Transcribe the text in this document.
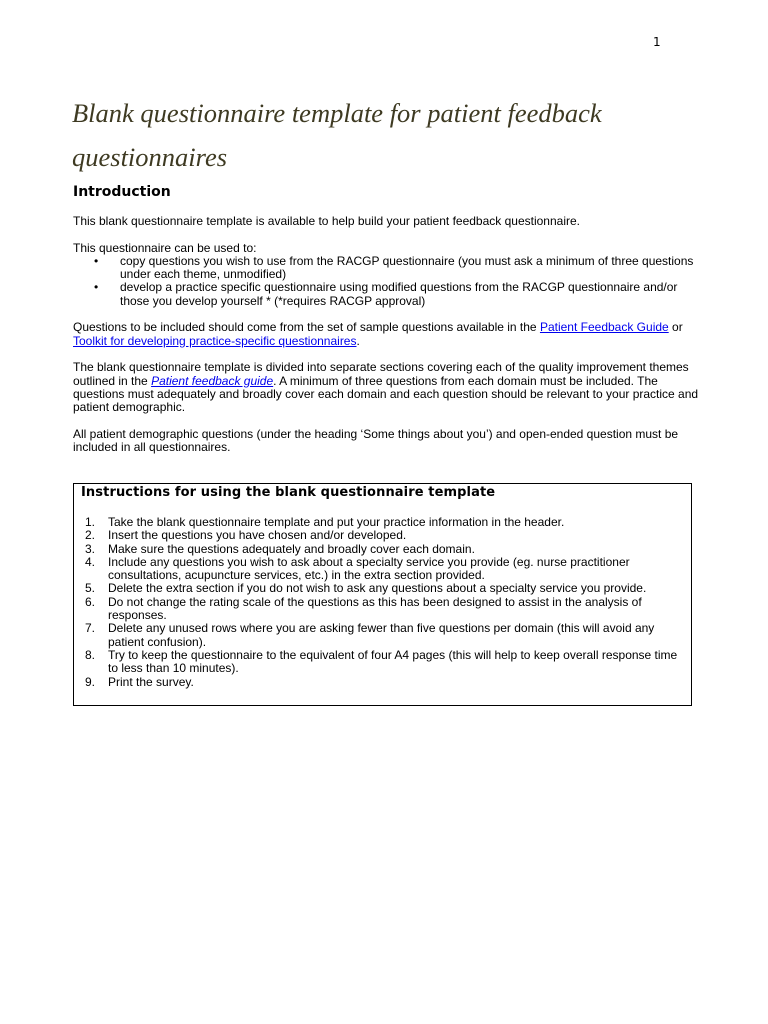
1
Blank questionnaire template for patient feedback questionnaires
Introduction

This blank questionnaire template is available to help build your patient feedback questionnaire.

This questionnaire can be used to:

• copy questions you wish to use from the RACGP questionnaire (you must ask a minimum of three questions under each theme, unmodified)
• develop a practice specific questionnaire using modified questions from the RACGP questionnaire and/or those you develop yourself * (*requires RACGP approval)

Questions to be included should come from the set of sample questions available in the Patient Feedback Guide or Toolkit for developing practice-specific questionnaires.

The blank questionnaire template is divided into separate sections covering each of the quality improvement themes outlined in the Patient feedback guide. A minimum of three questions from each domain must be included. The questions must adequately and broadly cover each domain and each question should be relevant to your practice and patient demographic.

All patient demographic questions (under the heading ‘Some things about you’) and open-ended question must be included in all questionnaires.

Instructions for using the blank questionnaire template
1. Take the blank questionnaire template and put your practice information in the header.
2. Insert the questions you have chosen and/or developed.
3. Make sure the questions adequately and broadly cover each domain.
4. Include any questions you wish to ask about a specialty service you provide (eg. nurse practitioner consultations, acupuncture services, etc.) in the extra section provided.
5. Delete the extra section if you do not wish to ask any questions about a specialty service you provide.
6. Do not change the rating scale of the questions as this has been designed to assist in the analysis of responses.
7. Delete any unused rows where you are asking fewer than five questions per domain (this will avoid any patient confusion).
8. Try to keep the questionnaire to the equivalent of four A4 pages (this will help to keep overall response time to less than 10 minutes).
9. Print the survey.
